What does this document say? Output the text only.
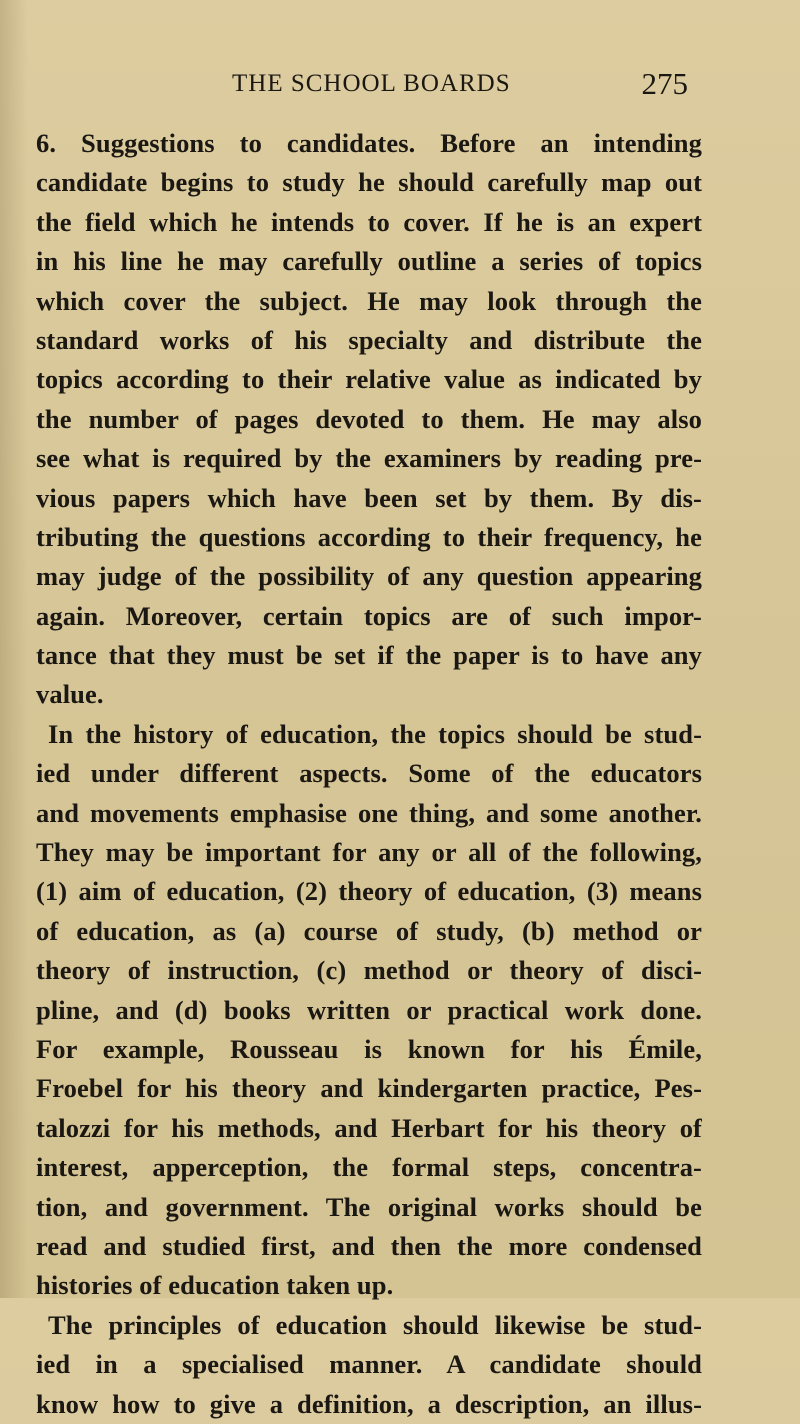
THE SCHOOL BOARDS	275
6. Suggestions to candidates. Before an intending
candidate begins to study he should carefully map out
the field which he intends to cover. If he is an expert
in his line he may carefully outline a series of topics
which cover the subject. He may look through the
standard works of his specialty and distribute the
topics according to their relative value as indicated by
the number of pages devoted to them. He may also
see what is required by the examiners by reading pre-
vious papers which have been set by them. By dis-
tributing the questions according to their frequency, he
may judge of the possibility of any question appearing
again. Moreover, certain topics are of such impor-
tance that they must be set if the paper is to have any
value.
In the history of education, the topics should be stud-
ied under different aspects. Some of the educators
and movements emphasise one thing, and some another.
They may be important for any or all of the following,
(1) aim of education, (2) theory of education, (3) means
of education, as (a) course of study, (b) method or
theory of instruction, (c) method or theory of disci-
pline, and (d) books written or practical work done.
For example, Rousseau is known for his Émile,
Froebel for his theory and kindergarten practice, Pes-
talozzi for his methods, and Herbart for his theory of
interest, apperception, the formal steps, concentra-
tion, and government. The original works should be
read and studied first, and then the more condensed
histories of education taken up.
The principles of education should likewise be stud-
ied in a specialised manner. A candidate should
know how to give a definition, a description, an illus-
